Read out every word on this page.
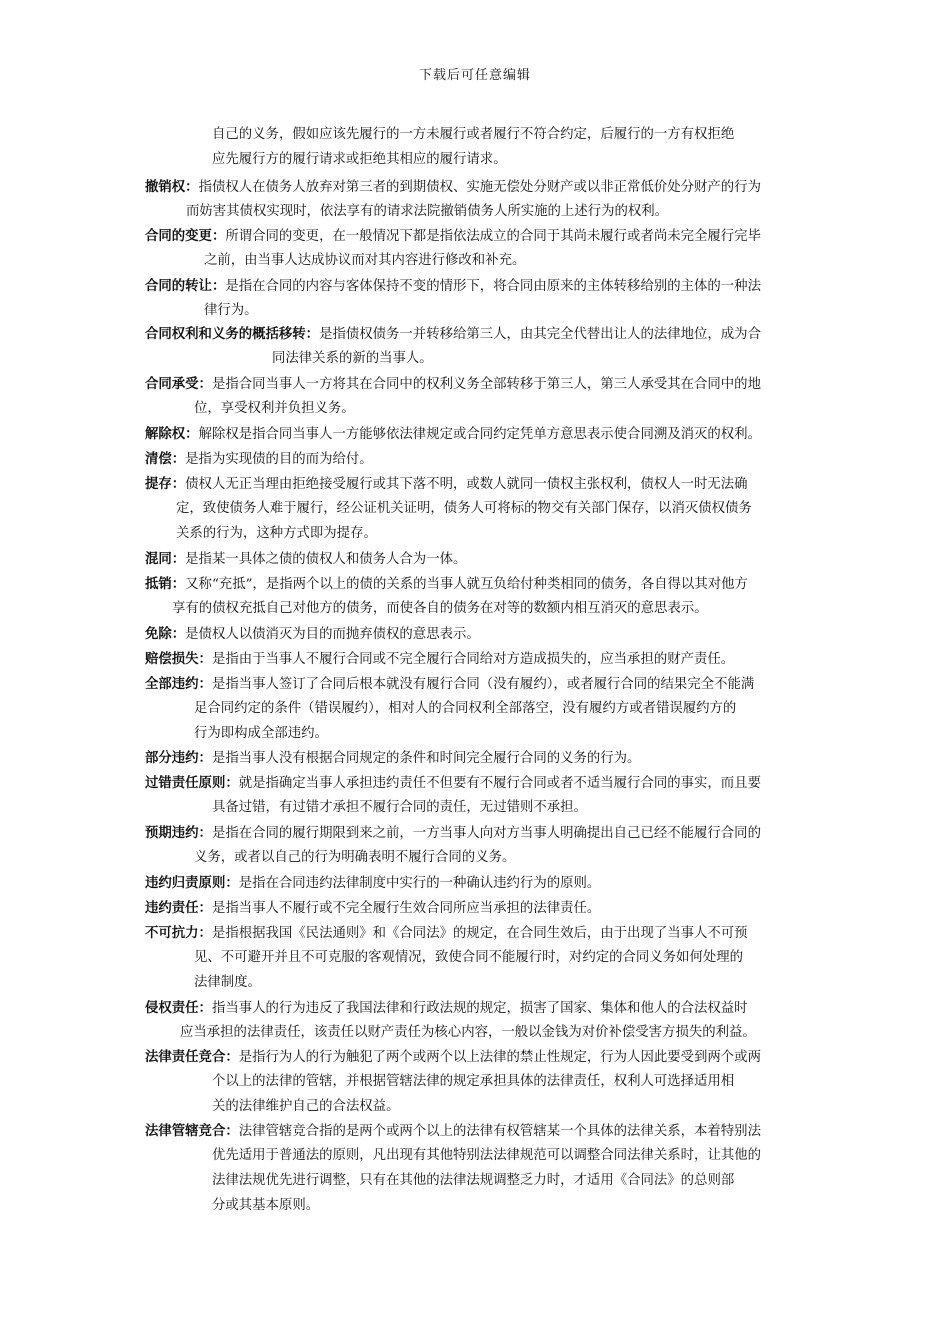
下载后可任意编辑
自己的义务，假如应该先履行的一方未履行或者履行不符合约定，后履行的一方有权拒绝
应先履行方的履行请求或拒绝其相应的履行请求。
撤销权：指债权人在债务人放弃对第三者的到期债权、实施无偿处分财产或以非正常低价处分财产的行为
而妨害其债权实现时，依法享有的请求法院撤销债务人所实施的上述行为的权利。
合同的变更：所谓合同的变更，在一般情况下都是指依法成立的合同于其尚未履行或者尚未完全履行完毕
之前，由当事人达成协议而对其内容进行修改和补充。
合同的转让：是指在合同的内容与客体保持不变的情形下，将合同由原来的主体转移给别的主体的一种法
律行为。
合同权利和义务的概括移转：是指债权债务一并转移给第三人，由其完全代替出让人的法律地位，成为合
同法律关系的新的当事人。
合同承受：是指合同当事人一方将其在合同中的权利义务全部转移于第三人，第三人承受其在合同中的地
位，享受权利并负担义务。
解除权：解除权是指合同当事人一方能够依法律规定或合同约定凭单方意思表示使合同溯及消灭的权利。
清偿：是指为实现债的目的而为给付。
提存：债权人无正当理由拒绝接受履行或其下落不明，或数人就同一债权主张权利，债权人一时无法确
定，致使债务人难于履行，经公证机关证明，债务人可将标的物交有关部门保存，以消灭债权债务
关系的行为，这种方式即为提存。
混同：是指某一具体之债的债权人和债务人合为一体。
抵销：又称“充抵”，是指两个以上的债的关系的当事人就互负给付种类相同的债务，各自得以其对他方
享有的债权充抵自己对他方的债务，而使各自的债务在对等的数额内相互消灭的意思表示。
免除：是债权人以债消灭为目的而抛弃债权的意思表示。
赔偿损失：是指由于当事人不履行合同或不完全履行合同给对方造成损失的，应当承担的财产责任。
全部违约：是指当事人签订了合同后根本就没有履行合同（没有履约），或者履行合同的结果完全不能满
足合同约定的条件（错误履约），相对人的合同权利全部落空，没有履约方或者错误履约方的
行为即构成全部违约。
部分违约：是指当事人没有根据合同规定的条件和时间完全履行合同的义务的行为。
过错责任原则：就是指确定当事人承担违约责任不但要有不履行合同或者不适当履行合同的事实，而且要
具备过错，有过错才承担不履行合同的责任，无过错则不承担。
预期违约：是指在合同的履行期限到来之前，一方当事人向对方当事人明确提出自己已经不能履行合同的
义务，或者以自己的行为明确表明不履行合同的义务。
违约归责原则：是指在合同违约法律制度中实行的一种确认违约行为的原则。
违约责任：是指当事人不履行或不完全履行生效合同所应当承担的法律责任。
不可抗力：是指根据我国《民法通则》和《合同法》的规定，在合同生效后，由于出现了当事人不可预
见、不可避开并且不可克服的客观情况，致使合同不能履行时，对约定的合同义务如何处理的
法律制度。
侵权责任：指当事人的行为违反了我国法律和行政法规的规定，损害了国家、集体和他人的合法权益时
应当承担的法律责任，该责任以财产责任为核心内容，一般以金钱为对价补偿受害方损失的利益。
法律责任竞合：是指行为人的行为触犯了两个或两个以上法律的禁止性规定，行为人因此要受到两个或两
个以上的法律的管辖，并根据管辖法律的规定承担具体的法律责任，权利人可选择适用相
关的法律维护自己的合法权益。
法律管辖竞合：法律管辖竞合指的是两个或两个以上的法律有权管辖某一个具体的法律关系，本着特别法
优先适用于普通法的原则，凡出现有其他特别法法律规范可以调整合同法律关系时，让其他的
法律法规优先进行调整，只有在其他的法律法规调整乏力时，才适用《合同法》的总则部
分或其基本原则。
